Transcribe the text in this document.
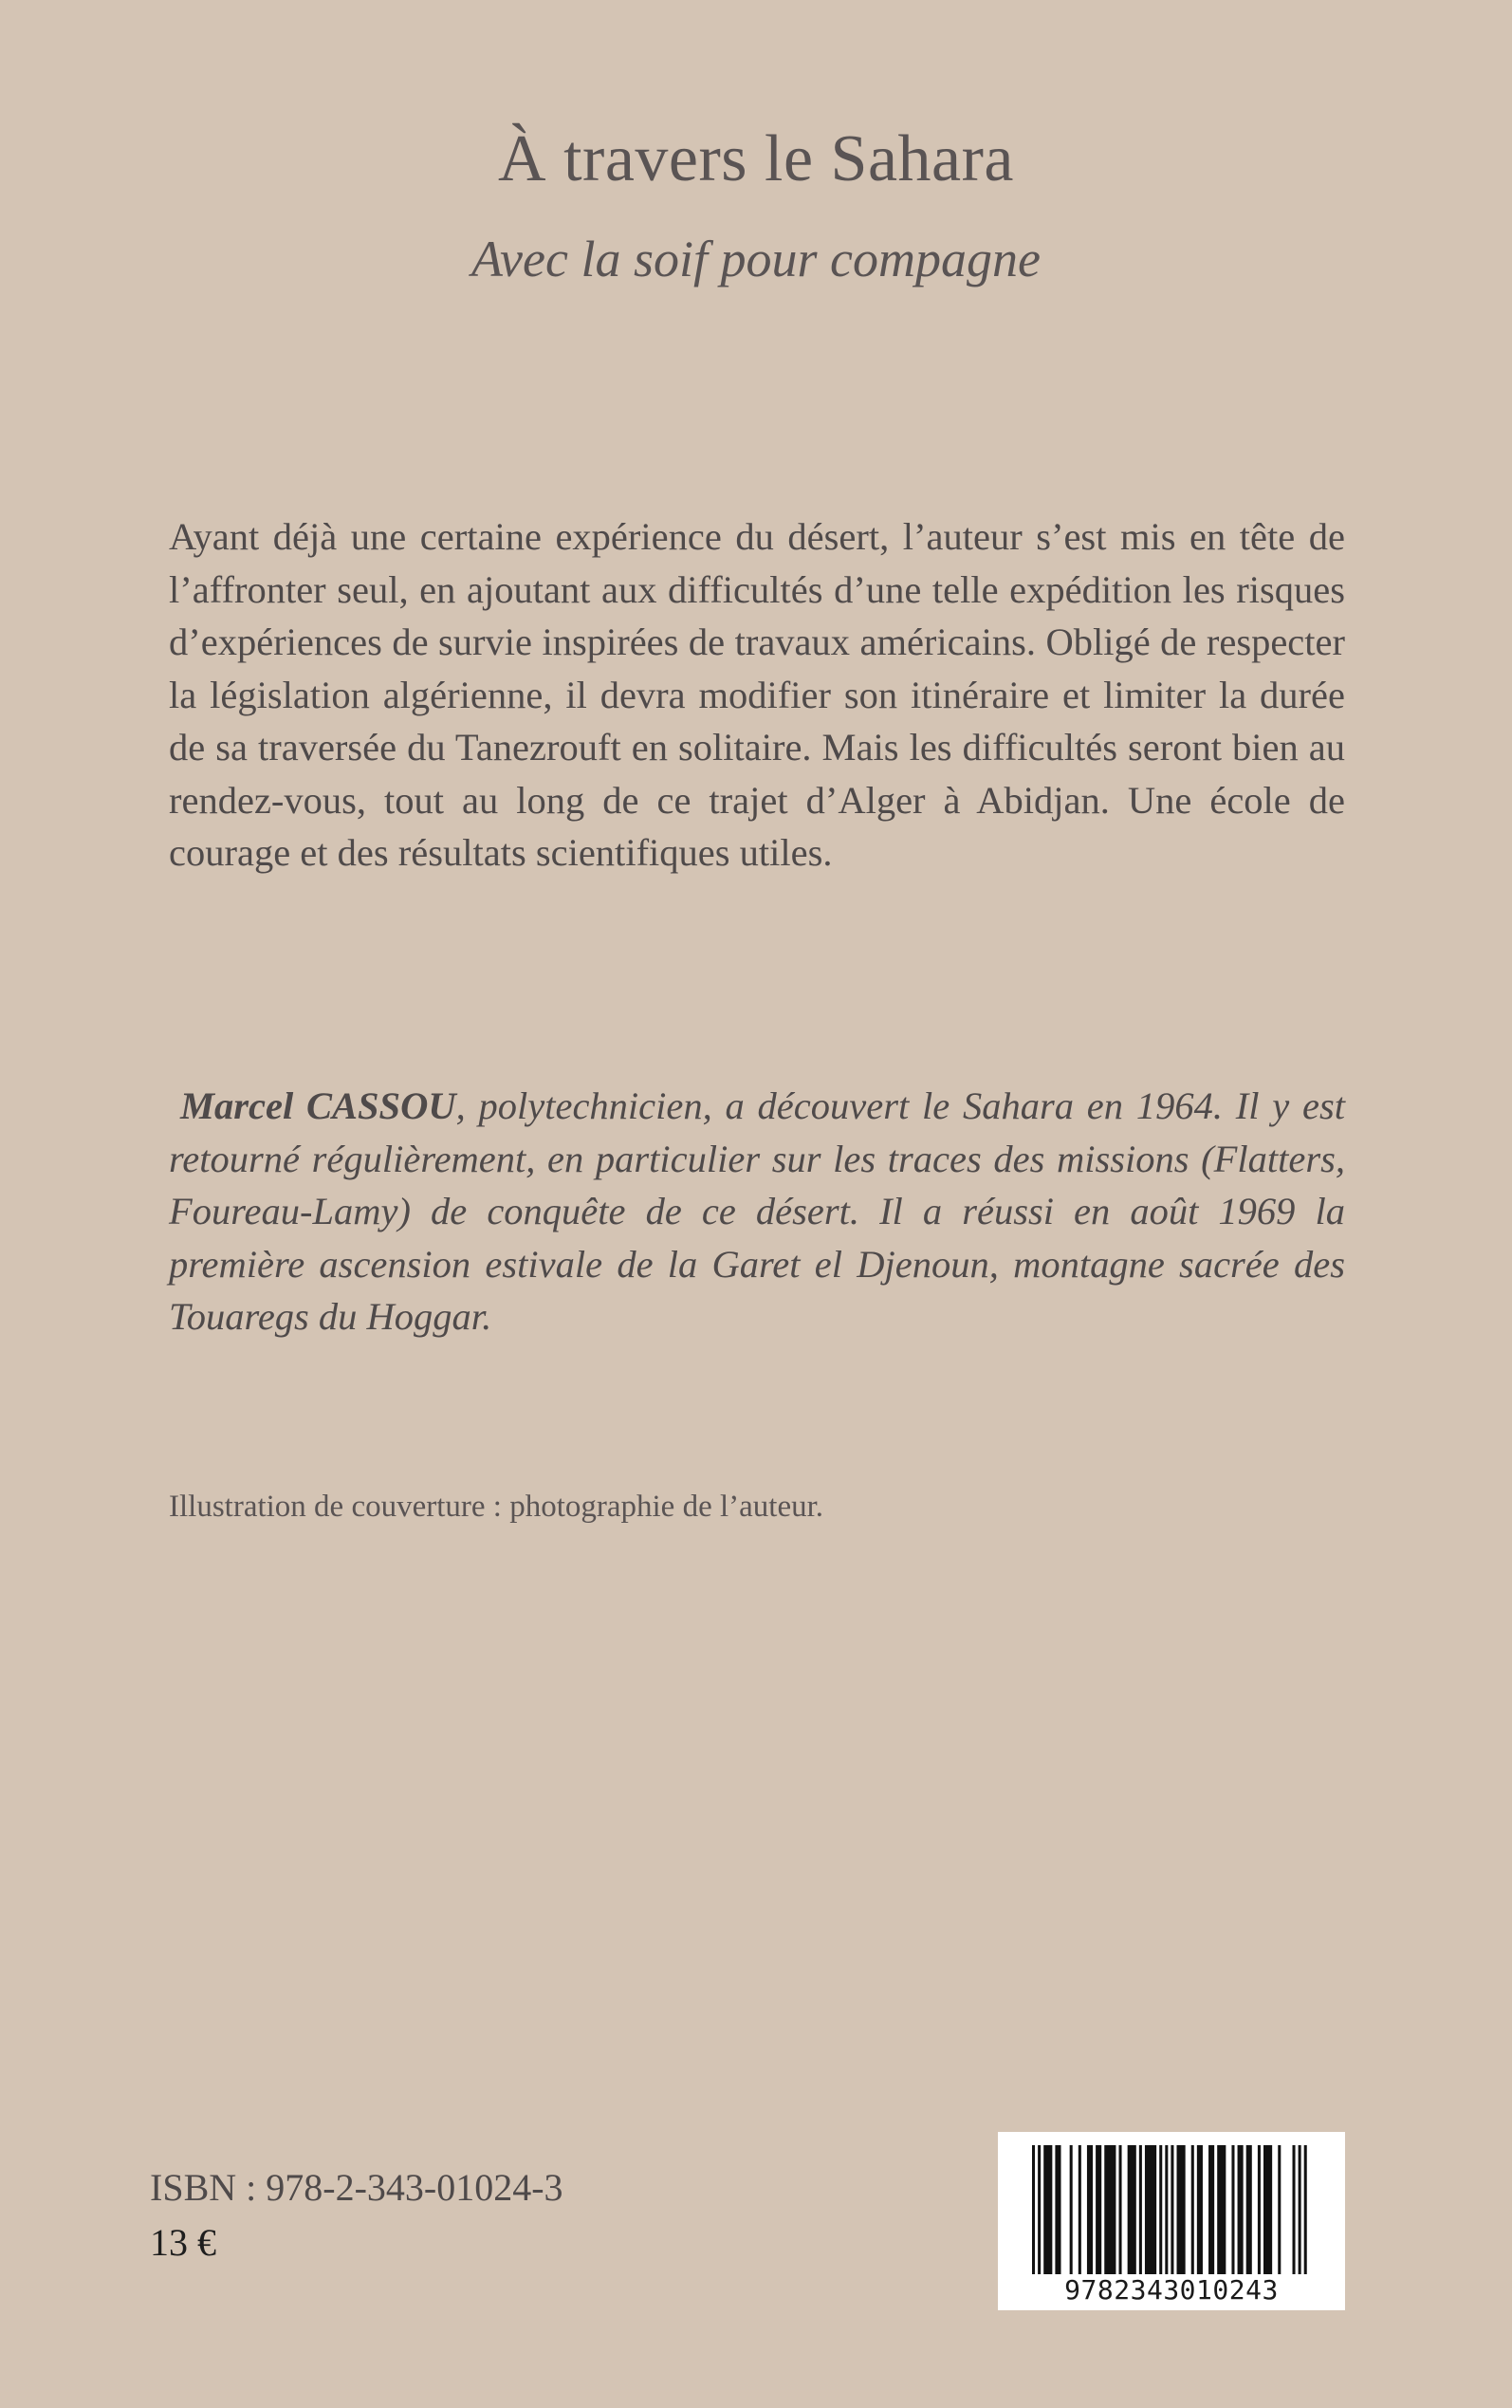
À travers le Sahara
Avec la soif pour compagne

Ayant déjà une certaine expérience du désert, l’auteur s’est mis en tête de l’affronter seul, en ajoutant aux difficultés d’une telle expédition les risques d’expériences de survie inspirées de travaux américains. Obligé de respecter la législation algérienne, il devra modifier son itinéraire et limiter la durée de sa traversée du Tanezrouft en solitaire. Mais les difficultés seront bien au rendez-vous, tout au long de ce trajet d’Alger à Abidjan. Une école de courage et des résultats scientifiques utiles.

Marcel CASSOU, polytechnicien, a découvert le Sahara en 1964. Il y est retourné régulièrement, en particulier sur les traces des missions (Flatters, Foureau-Lamy) de conquête de ce désert. Il a réussi en août 1969 la première ascension estivale de la Garet el Djenoun, montagne sacrée des Touaregs du Hoggar.

Illustration de couverture : photographie de l’auteur.

ISBN : 978-2-343-01024-3

13 €

9782343010243
